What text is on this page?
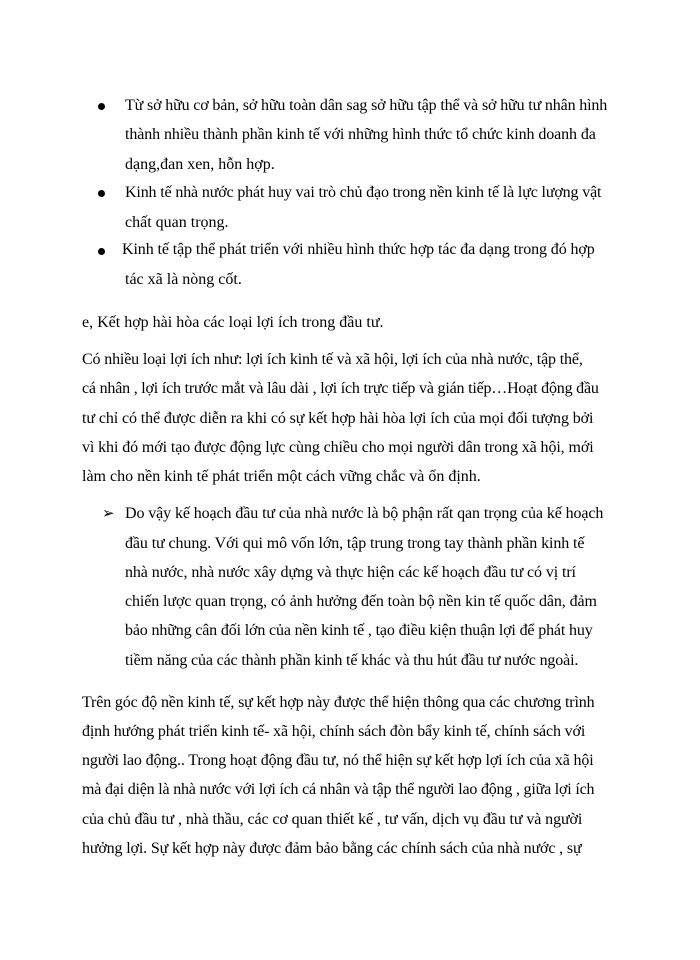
Từ sở hữu cơ bản, sở hữu toàn dân sag sở hữu tập thể và sở hữu tư nhân hình
thành nhiều thành phần kinh tế với những hình thức tổ chức kinh doanh đa
dạng,đan xen, hỗn hợp.
Kinh tế nhà nước phát huy vai trò chủ đạo trong nền kinh tế là lực lượng vật
chất quan trọng.
Kinh tế tập thể phát triển với nhiều hình thức hợp tác đa dạng trong đó hợp
tác xã là nòng cốt.
e, Kết hợp hài hòa các loại lợi ích trong đầu tư.
Có nhiều loại lợi ích như: lợi ích kinh tế và xã hội, lợi ích của nhà nước, tập thể,
cá nhân , lợi ích trước mắt và lâu dài , lợi ích trực tiếp và gián tiếp…Hoạt động đầu
tư chỉ có thể được diễn ra khi có sự kết hợp hài hòa lợi ích của mọi đối tượng bởi
vì khi đó mới tạo được động lực cùng chiều cho mọi người dân trong xã hội, mới
làm cho nền kinh tế phát triển một cách vững chắc và ổn định.
➢ Do vậy kế hoạch đầu tư của nhà nước là bộ phận rất qan trọng của kế hoạch
đầu tư chung. Với qui mô vốn lớn, tập trung trong tay thành phần kinh tế
nhà nước, nhà nước xây dựng và thực hiện các kế hoạch đầu tư có vị trí
chiến lược quan trọng, có ảnh hưởng đến toàn bộ nền kin tế quốc dân, đảm
bảo những cân đối lớn của nền kinh tế , tạo điều kiện thuận lợi để phát huy
tiềm năng của các thành phần kinh tế khác và thu hút đầu tư nước ngoài.
Trên góc độ nền kinh tế, sự kết hợp này được thể hiện thông qua các chương trình
định hướng phát triển kinh tế- xã hội, chính sách đòn bẩy kinh tế, chính sách với
người lao động.. Trong hoạt động đầu tư, nó thể hiện sự kết hợp lợi ích của xã hội
mà đại diện là nhà nước với lợi ích cá nhân và tập thể người lao động , giữa lợi ích
của chủ đầu tư , nhà thầu, các cơ quan thiết kế , tư vấn, dịch vụ đầu tư và người
hưởng lợi. Sự kết hợp này được đảm bảo bằng các chính sách của nhà nước , sự
